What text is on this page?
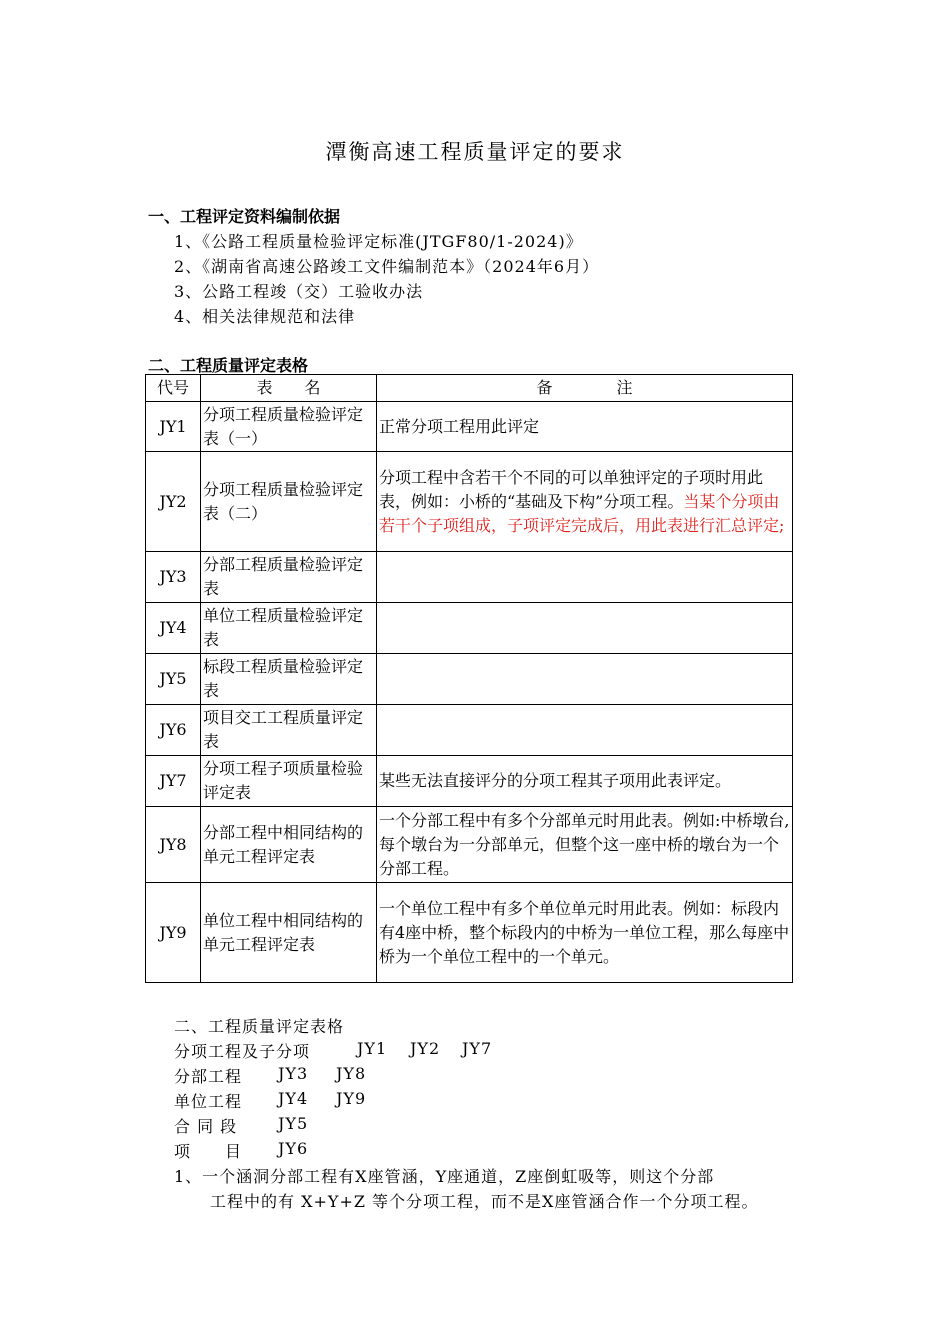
潭衡高速工程质量评定的要求
一、工程评定资料编制依据
1、《公路工程质量检验评定标准(JTGF80/1-2024)》
2、《湖南省高速公路竣工文件编制范本》（2024年6月）
3、公路工程竣（交）工验收办法
4、相关法律规范和法律
二、工程质量评定表格
代号	表　　名	备　　　　注
JY1	分项工程质量检验评定表（一）	正常分项工程用此评定
JY2	分项工程质量检验评定表（二）	分项工程中含若干个不同的可以单独评定的子项时用此表，例如：小桥的“基础及下构”分项工程。当某个分项由若干个子项组成，子项评定完成后，用此表进行汇总评定;
JY3	分部工程质量检验评定表	
JY4	单位工程质量检验评定表	
JY5	标段工程质量检验评定表	
JY6	项目交工工程质量评定表	
JY7	分项工程子项质量检验评定表	某些无法直接评分的分项工程其子项用此表评定。
JY8	分部工程中相同结构的单元工程评定表	一个分部工程中有多个分部单元时用此表。例如:中桥墩台,每个墩台为一分部单元，但整个这一座中桥的墩台为一个分部工程。
JY9	单位工程中相同结构的单元工程评定表	一个单位工程中有多个单位单元时用此表。例如：标段内有4座中桥，整个标段内的中桥为一单位工程，那么每座中桥为一个单位工程中的一个单元。
二、工程质量评定表格
分项工程及子分项	JY1 JY2 JY7
分部工程 JY3 JY8
单位工程 JY4 JY9
合 同 段	JY5
项　　目 JY6
1、一个涵洞分部工程有X座管涵，Y座通道，Z座倒虹吸等，则这个分部
工程中的有 X+Y+Z 等个分项工程，而不是X座管涵合作一个分项工程。
